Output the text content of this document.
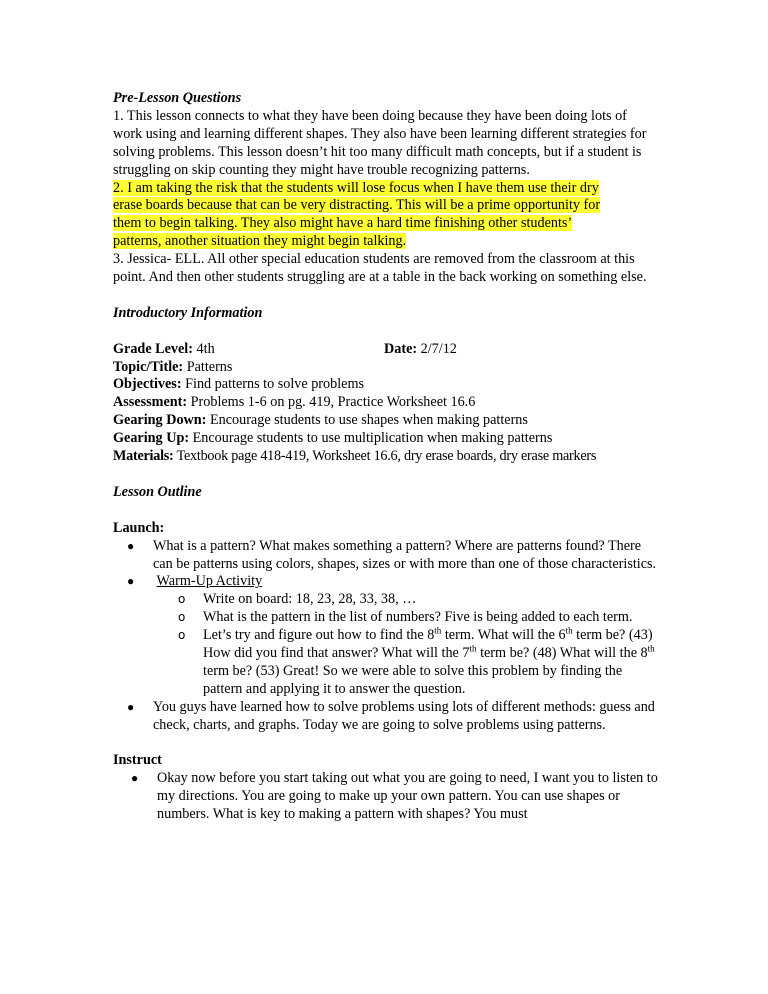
Pre-Lesson Questions

1. This lesson connects to what they have been doing because they have been doing lots of work using and learning different shapes. They also have been learning different strategies for solving problems. This lesson doesn’t hit too many difficult math concepts, but if a student is struggling on skip counting they might have trouble recognizing patterns.

2. I am taking the risk that the students will lose focus when I have them use their dry

erase boards because that can be very distracting. This will be a prime opportunity for

them to begin talking. They also might have a hard time finishing other students’

patterns, another situation they might begin talking.

3. Jessica- ELL. All other special education students are removed from the classroom at this point. And then other students struggling are at a table in the back working on something else.

Introductory Information

Grade Level: 4th	Date: 2/7/12

Topic/Title: Patterns

Objectives: Find patterns to solve problems

Assessment: Problems 1-6 on pg. 419, Practice Worksheet 16.6

Gearing Down: Encourage students to use shapes when making patterns

Gearing Up: Encourage students to use multiplication when making patterns

Materials: Textbook page 418-419, Worksheet 16.6, dry erase boards, dry erase markers

Lesson Outline

Launch:

● What is a pattern? What makes something a pattern? Where are patterns found? There can be patterns using colors, shapes, sizes or with more than one of those characteristics.
● Warm-Up Activity
o Write on board: 18, 23, 28, 33, 38, …
o What is the pattern in the list of numbers? Five is being added to each term.
o Let’s try and figure out how to find the 8th term. What will the 6th term be? (43) How did you find that answer? What will the 7th term be? (48) What will the 8th term be? (53) Great! So we were able to solve this problem by finding the pattern and applying it to answer the question.
● You guys have learned how to solve problems using lots of different methods: guess and check, charts, and graphs. Today we are going to solve problems using patterns.

Instruct

● Okay now before you start taking out what you are going to need, I want you to listen to my directions. You are going to make up your own pattern. You can use shapes or numbers. What is key to making a pattern with shapes? You must
